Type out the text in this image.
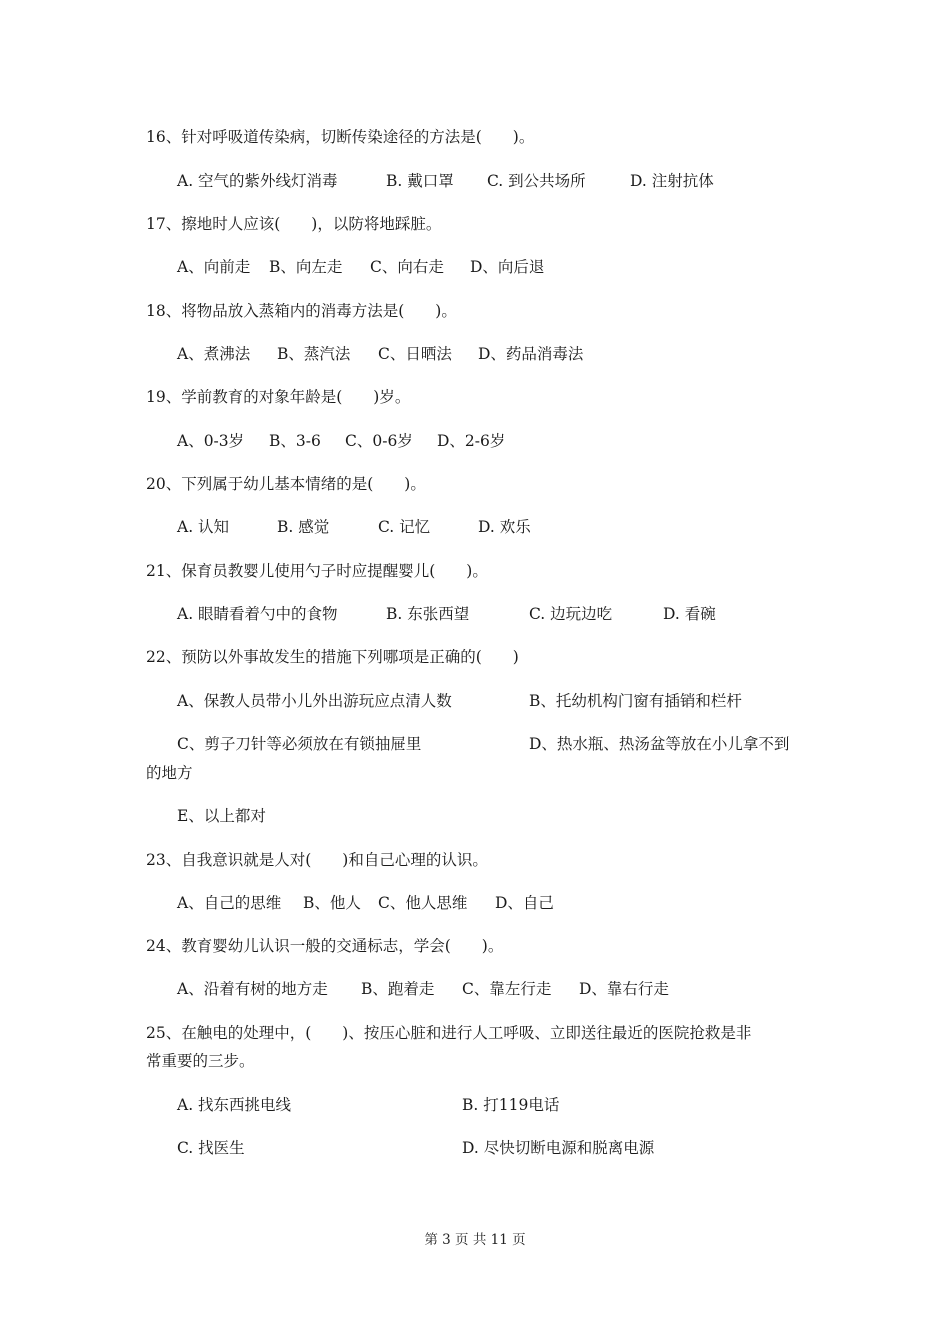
16、针对呼吸道传染病，切断传染途径的方法是(　　)。
A. 空气的紫外线灯消毒	B. 戴口罩 C. 到公共场所	D. 注射抗体
17、擦地时人应该(　　)，以防将地踩脏。
A、向前走 B、向左走 C、向右走 D、向后退
18、将物品放入蒸箱内的消毒方法是(　　)。
A、煮沸法 B、蒸汽法 C、日晒法 D、药品消毒法
19、学前教育的对象年龄是(　　)岁。
A、0-3岁 B、3-6 C、0-6岁 D、2-6岁
20、下列属于幼儿基本情绪的是(　　)。
A. 认知	B. 感觉	C. 记忆	D. 欢乐
21、保育员教婴儿使用勺子时应提醒婴儿(　　)。
A. 眼睛看着勺中的食物	B. 东张西望	C. 边玩边吃	D. 看碗
22、预防以外事故发生的措施下列哪项是正确的(　　)
A、保教人员带小儿外出游玩应点清人数	B、托幼机构门窗有插销和栏杆
C、剪子刀针等必须放在有锁抽屉里	D、热水瓶、热汤盆等放在小儿拿不到
的地方
E、以上都对
23、自我意识就是人对(　　)和自己心理的认识。
A、自己的思维 B、他人 C、他人思维 D、自己
24、教育婴幼儿认识一般的交通标志，学会(　　)。
A、沿着有树的地方走 B、跑着走 C、靠左行走 D、靠右行走
25、在触电的处理中，(　　)、按压心脏和进行人工呼吸、立即送往最近的医院抢救是非
常重要的三步。
A. 找东西挑电线	B. 打119电话
C. 找医生	D. 尽快切断电源和脱离电源
第 3 页 共 11 页
